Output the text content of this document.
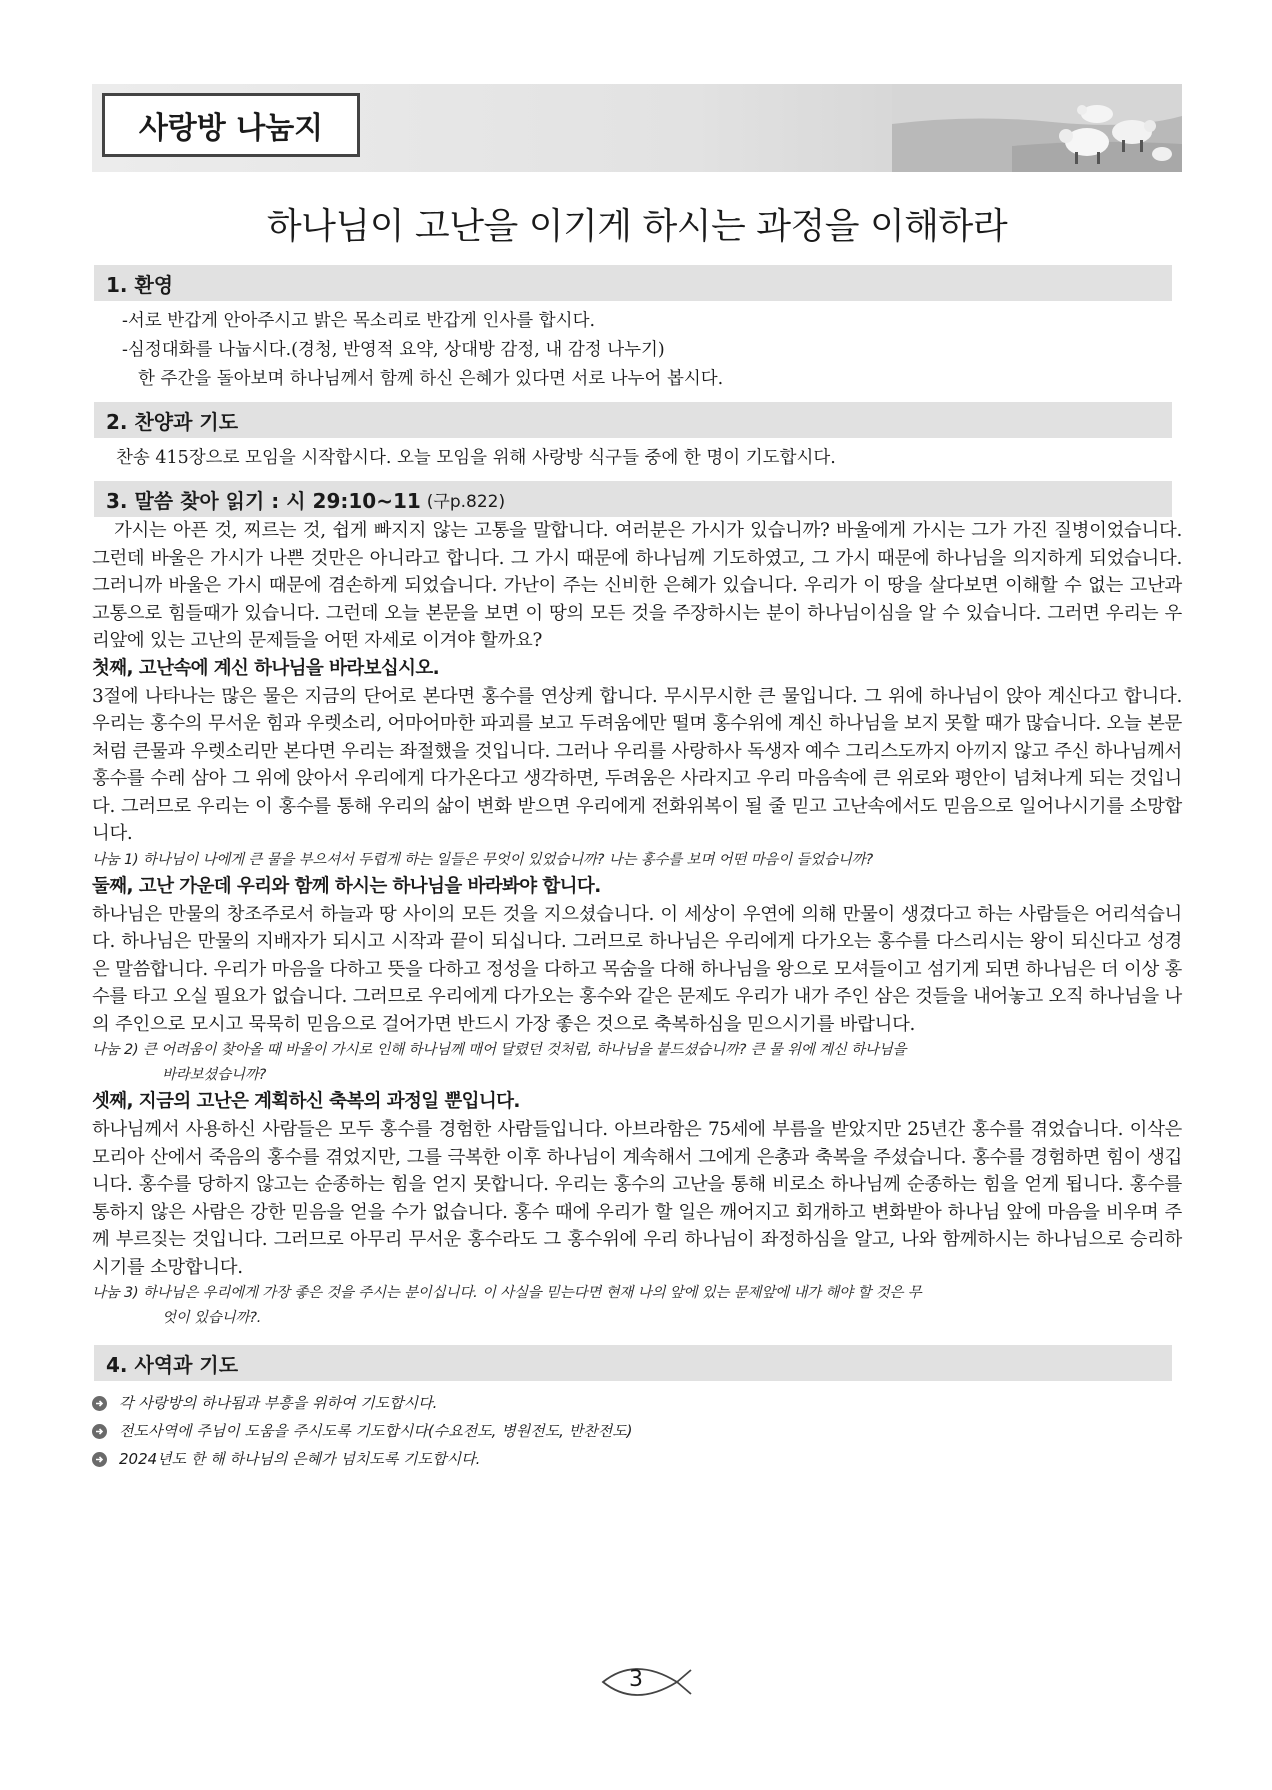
사랑방 나눔지
하나님이 고난을 이기게 하시는 과정을 이해하라
1. 환영
-서로 반갑게 안아주시고 밝은 목소리로 반갑게 인사를 합시다.
-심정대화를 나눕시다.(경청, 반영적 요약, 상대방 감정, 내 감정 나누기)
한 주간을 돌아보며 하나님께서 함께 하신 은혜가 있다면 서로 나누어 봅시다.
2. 찬양과 기도
찬송 415장으로 모임을 시작합시다. 오늘 모임을 위해 사랑방 식구들 중에 한 명이 기도합시다.
3. 말씀 찾아 읽기 : 시 29:10~11 (구p.822)

가시는 아픈 것, 찌르는 것, 쉽게 빠지지 않는 고통을 말합니다. 여러분은 가시가 있습니까? 바울에게 가시는 그가 가진 질병이었습니다. 그런데 바울은 가시가 나쁜 것만은 아니라고 합니다. 그 가시 때문에 하나님께 기도하였고, 그 가시 때문에 하나님을 의지하게 되었습니다. 그러니까 바울은 가시 때문에 겸손하게 되었습니다. 가난이 주는 신비한 은혜가 있습니다. 우리가 이 땅을 살다보면 이해할 수 없는 고난과 고통으로 힘들때가 있습니다. 그런데 오늘 본문을 보면 이 땅의 모든 것을 주장하시는 분이 하나님이심을 알 수 있습니다. 그러면 우리는 우리앞에 있는 고난의 문제들을 어떤 자세로 이겨야 할까요?

첫째, 고난속에 계신 하나님을 바라보십시오.

3절에 나타나는 많은 물은 지금의 단어로 본다면 홍수를 연상케 합니다. 무시무시한 큰 물입니다. 그 위에 하나님이 앉아 계신다고 합니다. 우리는 홍수의 무서운 힘과 우렛소리, 어마어마한 파괴를 보고 두려움에만 떨며 홍수위에 계신 하나님을 보지 못할 때가 많습니다. 오늘 본문처럼 큰물과 우렛소리만 본다면 우리는 좌절했을 것입니다. 그러나 우리를 사랑하사 독생자 예수 그리스도까지 아끼지 않고 주신 하나님께서 홍수를 수레 삼아 그 위에 앉아서 우리에게 다가온다고 생각하면, 두려움은 사라지고 우리 마음속에 큰 위로와 평안이 넘쳐나게 되는 것입니다. 그러므로 우리는 이 홍수를 통해 우리의 삶이 변화 받으면 우리에게 전화위복이 될 줄 믿고 고난속에서도 믿음으로 일어나시기를 소망합니다.

나눔 1) 하나님이 나에게 큰 물을 부으셔서 두렵게 하는 일들은 무엇이 있었습니까? 나는 홍수를 보며 어떤 마음이 들었습니까?
둘째, 고난 가운데 우리와 함께 하시는 하나님을 바라봐야 합니다.

하나님은 만물의 창조주로서 하늘과 땅 사이의 모든 것을 지으셨습니다. 이 세상이 우연에 의해 만물이 생겼다고 하는 사람들은 어리석습니다. 하나님은 만물의 지배자가 되시고 시작과 끝이 되십니다. 그러므로 하나님은 우리에게 다가오는 홍수를 다스리시는 왕이 되신다고 성경은 말씀합니다. 우리가 마음을 다하고 뜻을 다하고 정성을 다하고 목숨을 다해 하나님을 왕으로 모셔들이고 섬기게 되면 하나님은 더 이상 홍수를 타고 오실 필요가 없습니다. 그러므로 우리에게 다가오는 홍수와 같은 문제도 우리가 내가 주인 삼은 것들을 내어놓고 오직 하나님을 나의 주인으로 모시고 묵묵히 믿음으로 걸어가면 반드시 가장 좋은 것으로 축복하심을 믿으시기를 바랍니다.

나눔 2) 큰 어려움이 찾아올 때 바울이 가시로 인해 하나님께 매어 달렸던 것처럼, 하나님을 붙드셨습니까? 큰 물 위에 계신 하나님을
바라보셨습니까?
셋째, 지금의 고난은 계획하신 축복의 과정일 뿐입니다.

하나님께서 사용하신 사람들은 모두 홍수를 경험한 사람들입니다. 아브라함은 75세에 부름을 받았지만 25년간 홍수를 겪었습니다. 이삭은 모리아 산에서 죽음의 홍수를 겪었지만, 그를 극복한 이후 하나님이 계속해서 그에게 은총과 축복을 주셨습니다. 홍수를 경험하면 힘이 생깁니다. 홍수를 당하지 않고는 순종하는 힘을 얻지 못합니다. 우리는 홍수의 고난을 통해 비로소 하나님께 순종하는 힘을 얻게 됩니다. 홍수를 통하지 않은 사람은 강한 믿음을 얻을 수가 없습니다. 홍수 때에 우리가 할 일은 깨어지고 회개하고 변화받아 하나님 앞에 마음을 비우며 주께 부르짖는 것입니다. 그러므로 아무리 무서운 홍수라도 그 홍수위에 우리 하나님이 좌정하심을 알고, 나와 함께하시는 하나님으로 승리하시기를 소망합니다.

나눔 3) 하나님은 우리에게 가장 좋은 것을 주시는 분이십니다. 이 사실을 믿는다면 현재 나의 앞에 있는 문제앞에 내가 해야 할 것은 무
엇이 있습니까?.
4. 사역과 기도
각 사랑방의 하나됨과 부흥을 위하여 기도합시다.
전도사역에 주님이 도움을 주시도록 기도합시다(수요전도, 병원전도, 반찬전도)
2024년도 한 해 하나님의 은혜가 넘치도록 기도합시다.
3
